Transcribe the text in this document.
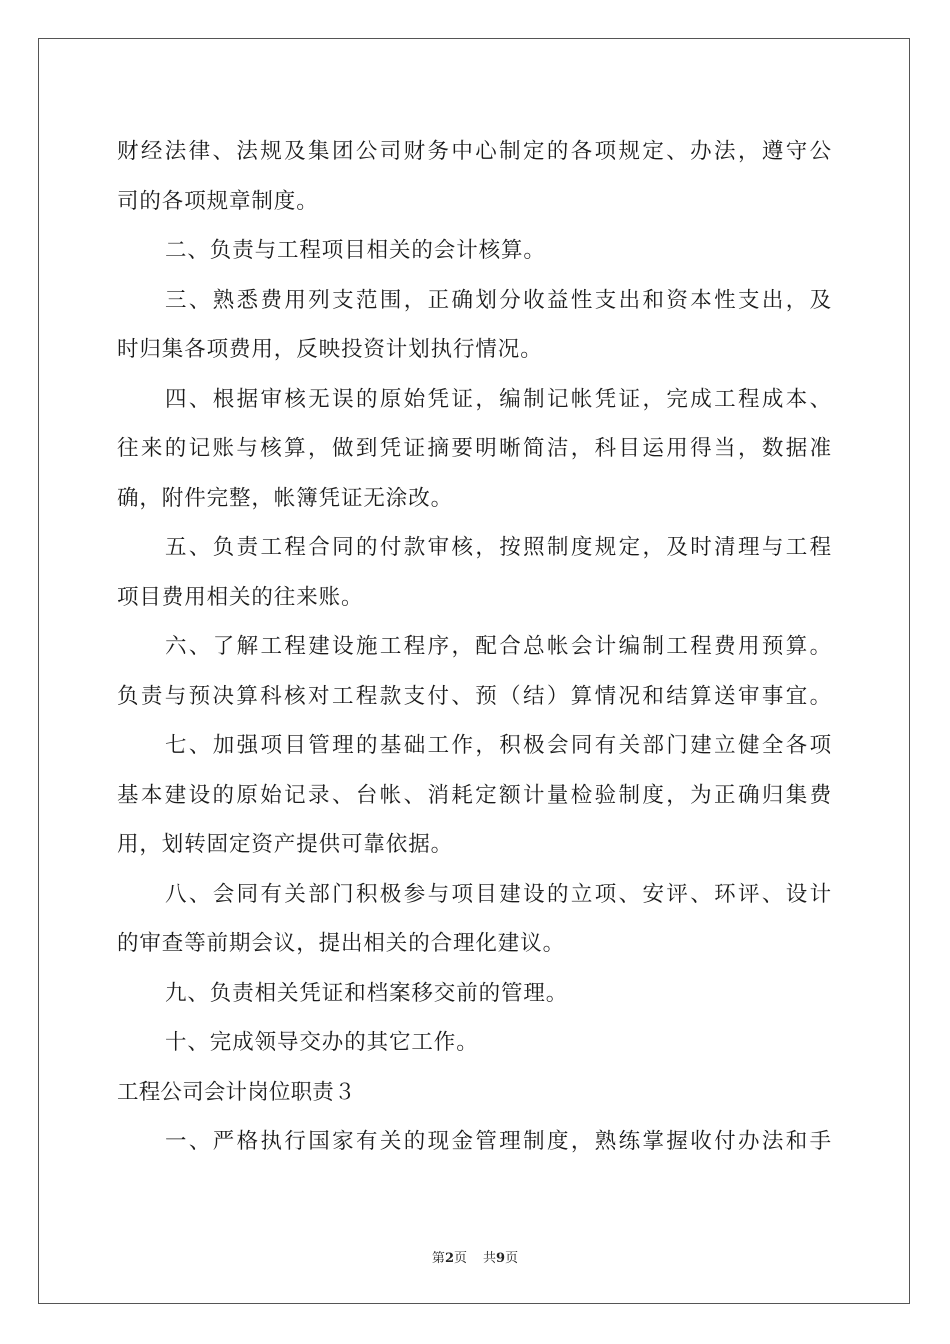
财经法律、法规及集团公司财务中心制定的各项规定、办法，遵守公
司的各项规章制度。
二、负责与工程项目相关的会计核算。
三、熟悉费用列支范围，正确划分收益性支出和资本性支出，及
时归集各项费用，反映投资计划执行情况。
四、根据审核无误的原始凭证，编制记帐凭证，完成工程成本、
往来的记账与核算，做到凭证摘要明晰简洁，科目运用得当，数据准
确，附件完整，帐簿凭证无涂改。
五、负责工程合同的付款审核，按照制度规定，及时清理与工程
项目费用相关的往来账。
六、了解工程建设施工程序，配合总帐会计编制工程费用预算。
负责与预决算科核对工程款支付、预（结）算情况和结算送审事宜。
七、加强项目管理的基础工作，积极会同有关部门建立健全各项
基本建设的原始记录、台帐、消耗定额计量检验制度，为正确归集费
用，划转固定资产提供可靠依据。
八、会同有关部门积极参与项目建设的立项、安评、环评、设计
的审查等前期会议，提出相关的合理化建议。
九、负责相关凭证和档案移交前的管理。
十、完成领导交办的其它工作。
工程公司会计岗位职责３
一、严格执行国家有关的现金管理制度，熟练掌握收付办法和手
第2页 共9页
